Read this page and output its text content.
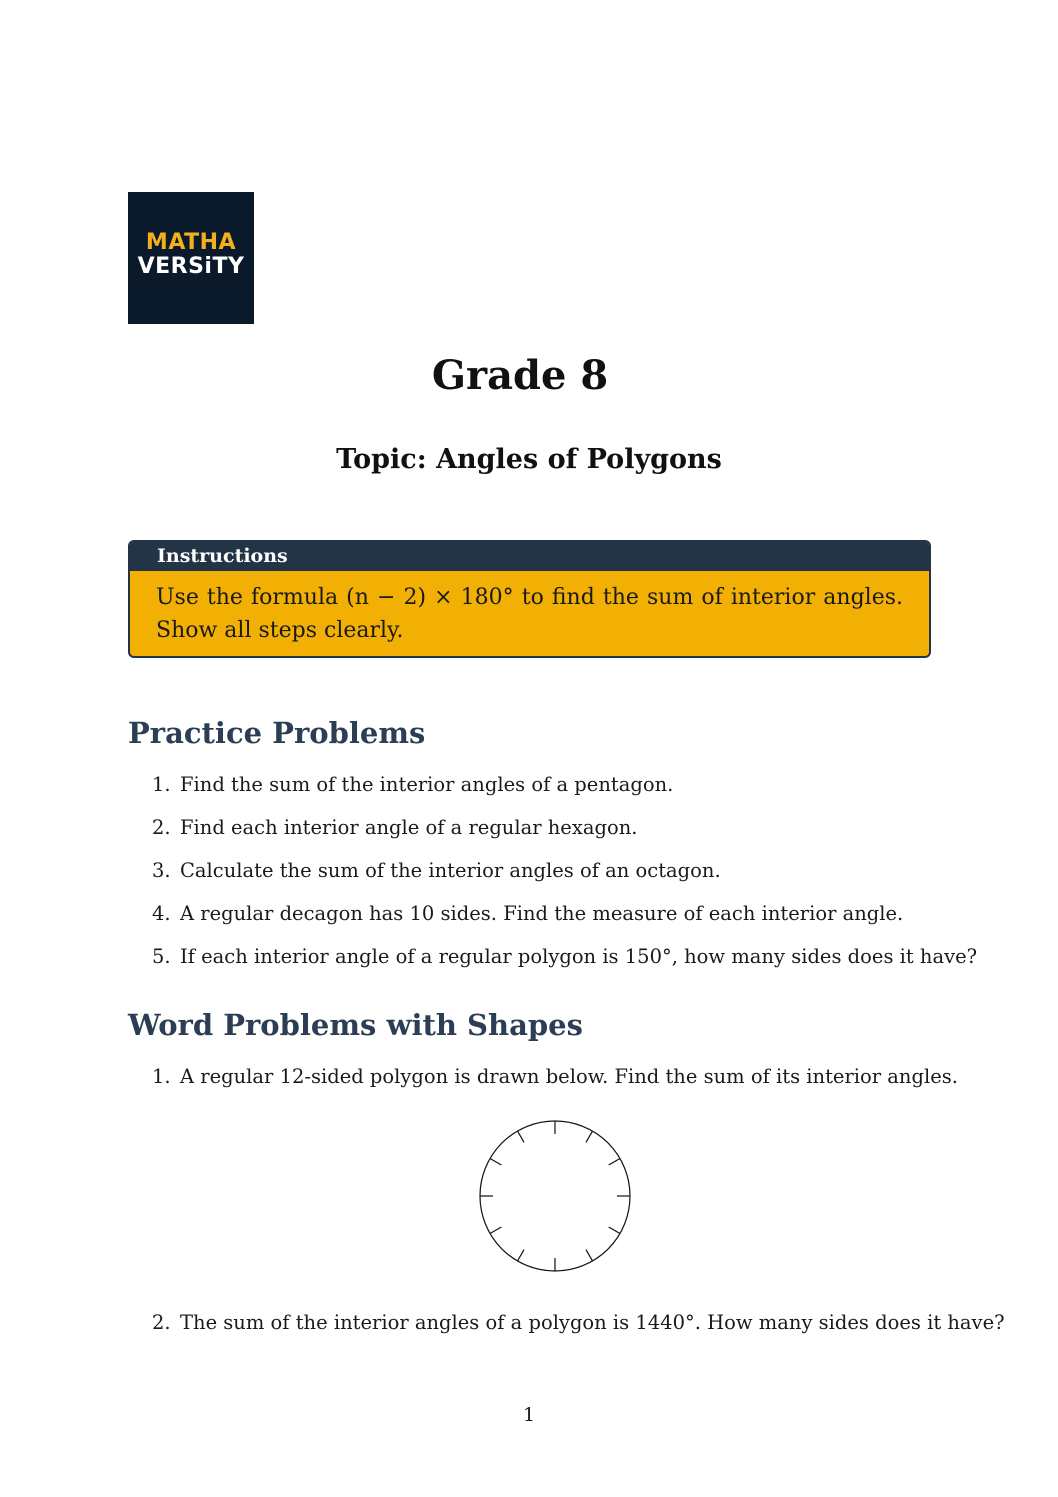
MATHA
VERSiTY
Grade 8
Topic: Angles of Polygons
Instructions
Use the formula (n − 2) × 180° to find the sum of interior angles. Show all steps clearly.
Practice Problems
1. Find the sum of the interior angles of a pentagon.
2. Find each interior angle of a regular hexagon.
3. Calculate the sum of the interior angles of an octagon.
4. A regular decagon has 10 sides. Find the measure of each interior angle.
5. If each interior angle of a regular polygon is 150°, how many sides does it have?
Word Problems with Shapes
1. A regular 12-sided polygon is drawn below. Find the sum of its interior angles.
2. The sum of the interior angles of a polygon is 1440°. How many sides does it have?
1
